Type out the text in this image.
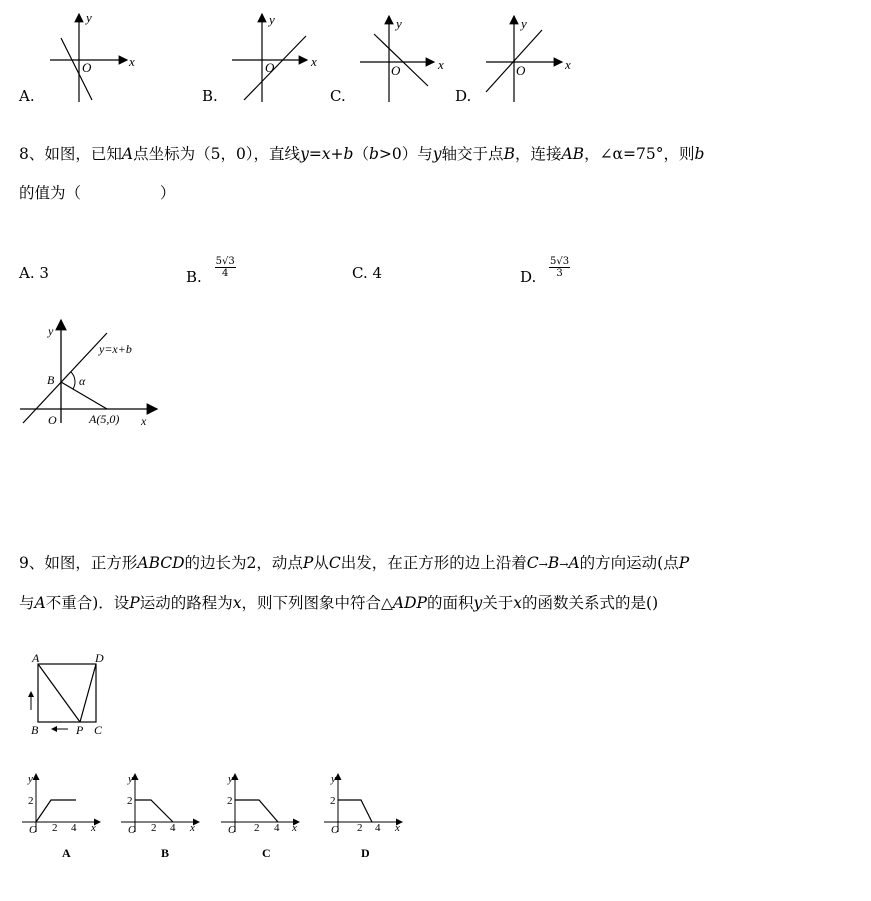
y
x
O
y
x
O
y
x
O
y
x
O
A.	B.	C.	D.
8、如图，已知A点坐标为（5，0），直线y=x+b（b>0）与y轴交于点B，连接AB，∠α=75°，则b
的值为（                ）
A. 3	B. $\frac{5√3}{4}$	C. 4	D. $\frac{5√3}{3}$
y
x
O
B α
y=x+b
A(5,0)
9、如图，正方形ABCD的边长为2，动点P从C出发，在正方形的边上沿着C→B→A的方向运动(点P
与A不重合)．设P运动的路程为x，则下列图象中符合△ADP的面积y关于x的函数关系式的是()
A	D
B	P C
y
2
O 2 4 x
A
y
2
O 2 4 x
B
y
2
O 2 4 x
C
y
2
O 2 4 x
D
